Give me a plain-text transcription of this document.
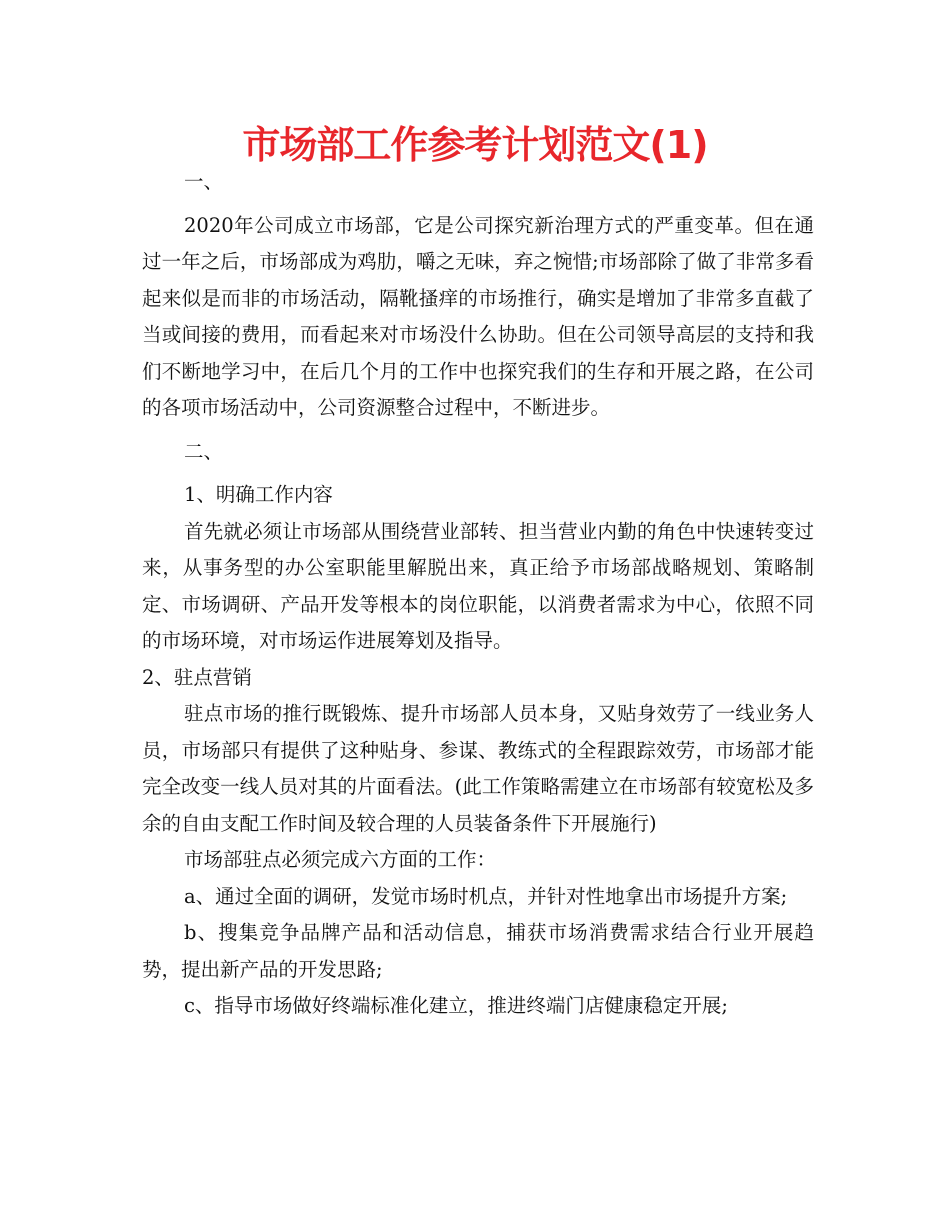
市场部工作参考计划范文(1)

一、

2020年公司成立市场部，它是公司探究新治理方式的严重变革。但在通过一年之后，市场部成为鸡肋，嚼之无味，弃之惋惜;市场部除了做了非常多看起来似是而非的市场活动，隔靴搔痒的市场推行，确实是增加了非常多直截了当或间接的费用，而看起来对市场没什么协助。但在公司领导高层的支持和我们不断地学习中，在后几个月的工作中也探究我们的生存和开展之路，在公司的各项市场活动中，公司资源整合过程中，不断进步。

二、

1、明确工作内容

首先就必须让市场部从围绕营业部转、担当营业内勤的角色中快速转变过来，从事务型的办公室职能里解脱出来，真正给予市场部战略规划、策略制定、市场调研、产品开发等根本的岗位职能，以消费者需求为中心，依照不同的市场环境，对市场运作进展筹划及指导。

2、驻点营销

驻点市场的推行既锻炼、提升市场部人员本身，又贴身效劳了一线业务人员，市场部只有提供了这种贴身、参谋、教练式的全程跟踪效劳，市场部才能完全改变一线人员对其的片面看法。(此工作策略需建立在市场部有较宽松及多余的自由支配工作时间及较合理的人员装备条件下开展施行)

市场部驻点必须完成六方面的工作：

a、通过全面的调研，发觉市场时机点，并针对性地拿出市场提升方案;

b、搜集竞争品牌产品和活动信息，捕获市场消费需求结合行业开展趋势，提出新产品的开发思路;

c、指导市场做好终端标准化建立，推进终端门店健康稳定开展;
